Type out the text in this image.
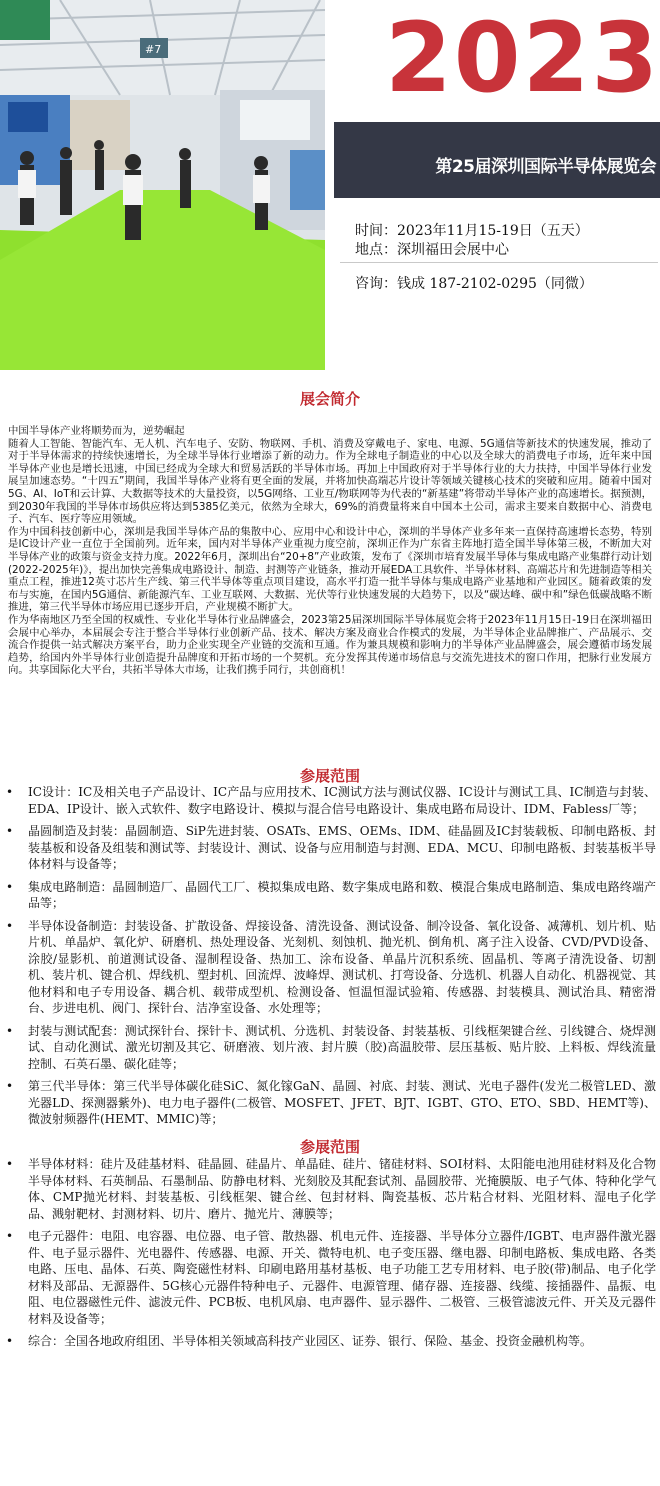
#7 2023
第25届深圳国际半导体展览会
时间：2023年11月15-19日（五天）
地点：深圳福田会展中心
咨询：钱成 187-2102-0295（同微）
展会简介

中国半导体产业将顺势而为，逆势崛起

随着人工智能、智能汽车、无人机、汽车电子、安防、物联网、手机、消费及穿戴电子、家电、电源、5G通信等新技术的快速发展，推动了对于半导体需求的持续快速增长，为全球半导体行业增添了新的动力。作为全球电子制造业的中心以及全球大的消费电子市场，近年来中国半导体产业也是增长迅速，中国已经成为全球大和贸易活跃的半导体市场。再加上中国政府对于半导体行业的大力扶持，中国半导体行业发展呈加速态势。“十四五”期间，我国半导体产业将有更全面的发展，并将加快高端芯片设计等领域关键核心技术的突破和应用。随着中国对5G、AI、IoT和云计算、大数据等技术的大量投资，以5G网络、工业互/物联网等为代表的“新基建”将带动半导体产业的高速增长。据预测，到2030年我国的半导体市场供应将达到5385亿美元，依然为全球大，69%的消费量将来自中国本土公司，需求主要来自数据中心、消费电子、汽车、医疗等应用领域。

作为中国科技创新中心，深圳是我国半导体产品的集散中心、应用中心和设计中心，深圳的半导体产业多年来一直保持高速增长态势，特别是IC设计产业一直位于全国前列。近年来，国内对半导体产业重视力度空前，深圳正作为广东省主阵地打造全国半导体第三极，不断加大对半导体产业的政策与资金支持力度。2022年6月，深圳出台“20+8”产业政策，发布了《深圳市培育发展半导体与集成电路产业集群行动计划(2022-2025年)》，提出加快完善集成电路设计、制造、封测等产业链条，推动开展EDA工具软件、半导体材料、高端芯片和先进制造等相关重点工程，推进12英寸芯片生产线、第三代半导体等重点项目建设，高水平打造一批半导体与集成电路产业基地和产业园区。随着政策的发布与实施，在国内5G通信、新能源汽车、工业互联网、大数据、光伏等行业快速发展的大趋势下，以及“碳达峰、碳中和”绿色低碳战略不断推进，第三代半导体市场应用已逐步开启，产业规模不断扩大。

作为华南地区乃至全国的权威性、专业化半导体行业品牌盛会，2023第25届深圳国际半导体展览会将于2023年11月15日-19日在深圳福田会展中心举办，本届展会专注于整合半导体行业创新产品、技术、解决方案及商业合作模式的发展，为半导体企业品牌推广、产品展示、交流合作提供一站式解决方案平台，助力企业实现全产业链的交流和互通。作为兼具规模和影响力的半导体产业品牌盛会，展会遵循市场发展趋势，给国内外半导体行业创造提升品牌度和开拓市场的一个契机。充分发挥其传递市场信息与交流先进技术的窗口作用，把脉行业发展方向。共享国际化大平台，共拓半导体大市场，让我们携手同行，共创商机！

参展范围
• IC设计：IC及相关电子产品设计、IC产品与应用技术、IC测试方法与测试仪器、IC设计与测试工具、IC制造与封装、EDA、IP设计、嵌入式软件、数字电路设计、模拟与混合信号电路设计、集成电路布局设计、IDM、Fabless厂等；
• 晶圆制造及封装：晶圆制造、SiP先进封装、OSATs、EMS、OEMs、IDM、硅晶圆及IC封装载板、印制电路板、封装基板和设备及组装和测试等、封装设计、测试、设备与应用制造与封测、EDA、MCU、印制电路板、封装基板半导体材料与设备等；
• 集成电路制造：晶圆制造厂、晶圆代工厂、模拟集成电路、数字集成电路和数、模混合集成电路制造、集成电路终端产品等；
• 半导体设备制造：封装设备、扩散设备、焊接设备、清洗设备、测试设备、制冷设备、氧化设备、减薄机、划片机、贴片机、单晶炉、氧化炉、研磨机、热处理设备、光刻机、刻蚀机、抛光机、倒角机、离子注入设备、CVD/PVD设备、涂胶/显影机、前道测试设备、湿制程设备、热加工、涂布设备、单晶片沉积系统、固晶机、等离子清洗设备、切割机、装片机、键合机、焊线机、塑封机、回流焊、波峰焊、测试机、打弯设备、分选机、机器人自动化、机器视觉、其他材料和电子专用设备、耦合机、载带成型机、检测设备、恒温恒湿试验箱、传感器、封装模具、测试治具、精密滑台、步进电机、阀门、探针台、洁净室设备、水处理等；
• 封装与测试配套：测试探针台、探针卡、测试机、分选机、封装设备、封装基板、引线框架键合丝、引线键合、烧焊测试、自动化测试、激光切割及其它、研磨液、划片液、封片膜（胶)高温胶带、层压基板、贴片胶、上料板、焊线流量控制、石英石墨、碳化硅等；
• 第三代半导体：第三代半导体碳化硅SiC、氮化镓GaN、晶圆、衬底、封装、测试、光电子器件(发光二极管LED、激光器LD、探测器紫外)、电力电子器件(二极管、MOSFET、JFET、BJT、IGBT、GTO、ETO、SBD、HEMT等)、微波射频器件(HEMT、MMIC)等；
参展范围
• 半导体材料：硅片及硅基材料、硅晶圆、硅晶片、单晶硅、硅片、锗硅材料、SOI材料、太阳能电池用硅材料及化合物半导体材料、石英制品、石墨制品、防静电材料、光刻胶及其配套试剂、晶圆胶带、光掩膜版、电子气体、特种化学气体、CMP抛光材料、封装基板、引线框架、键合丝、包封材料、陶瓷基板、芯片粘合材料、光阻材料、湿电子化学品、溅射靶材、封测材料、切片、磨片、抛光片、薄膜等；
• 电子元器件：电阻、电容器、电位器、电子管、散热器、机电元件、连接器、半导体分立器件/IGBT、电声器件激光器件、电子显示器件、光电器件、传感器、电源、开关、微特电机、电子变压器、继电器、印制电路板、集成电路、各类电路、压电、晶体、石英、陶瓷磁性材料、印刷电路用基材基板、电子功能工艺专用材料、电子胶(带)制品、电子化学材料及部品、无源器件、5G核心元器件特种电子、元器件、电源管理、储存器、连接器、线缆、接插器件、晶振、电阻、电位器磁性元件、滤波元件、PCB板、电机风扇、电声器件、显示器件、二极管、三极管滤波元件、开关及元器件材料及设备等；
• 综合：全国各地政府组团、半导体相关领域高科技产业园区、证券、银行、保险、基金、投资金融机构等。
